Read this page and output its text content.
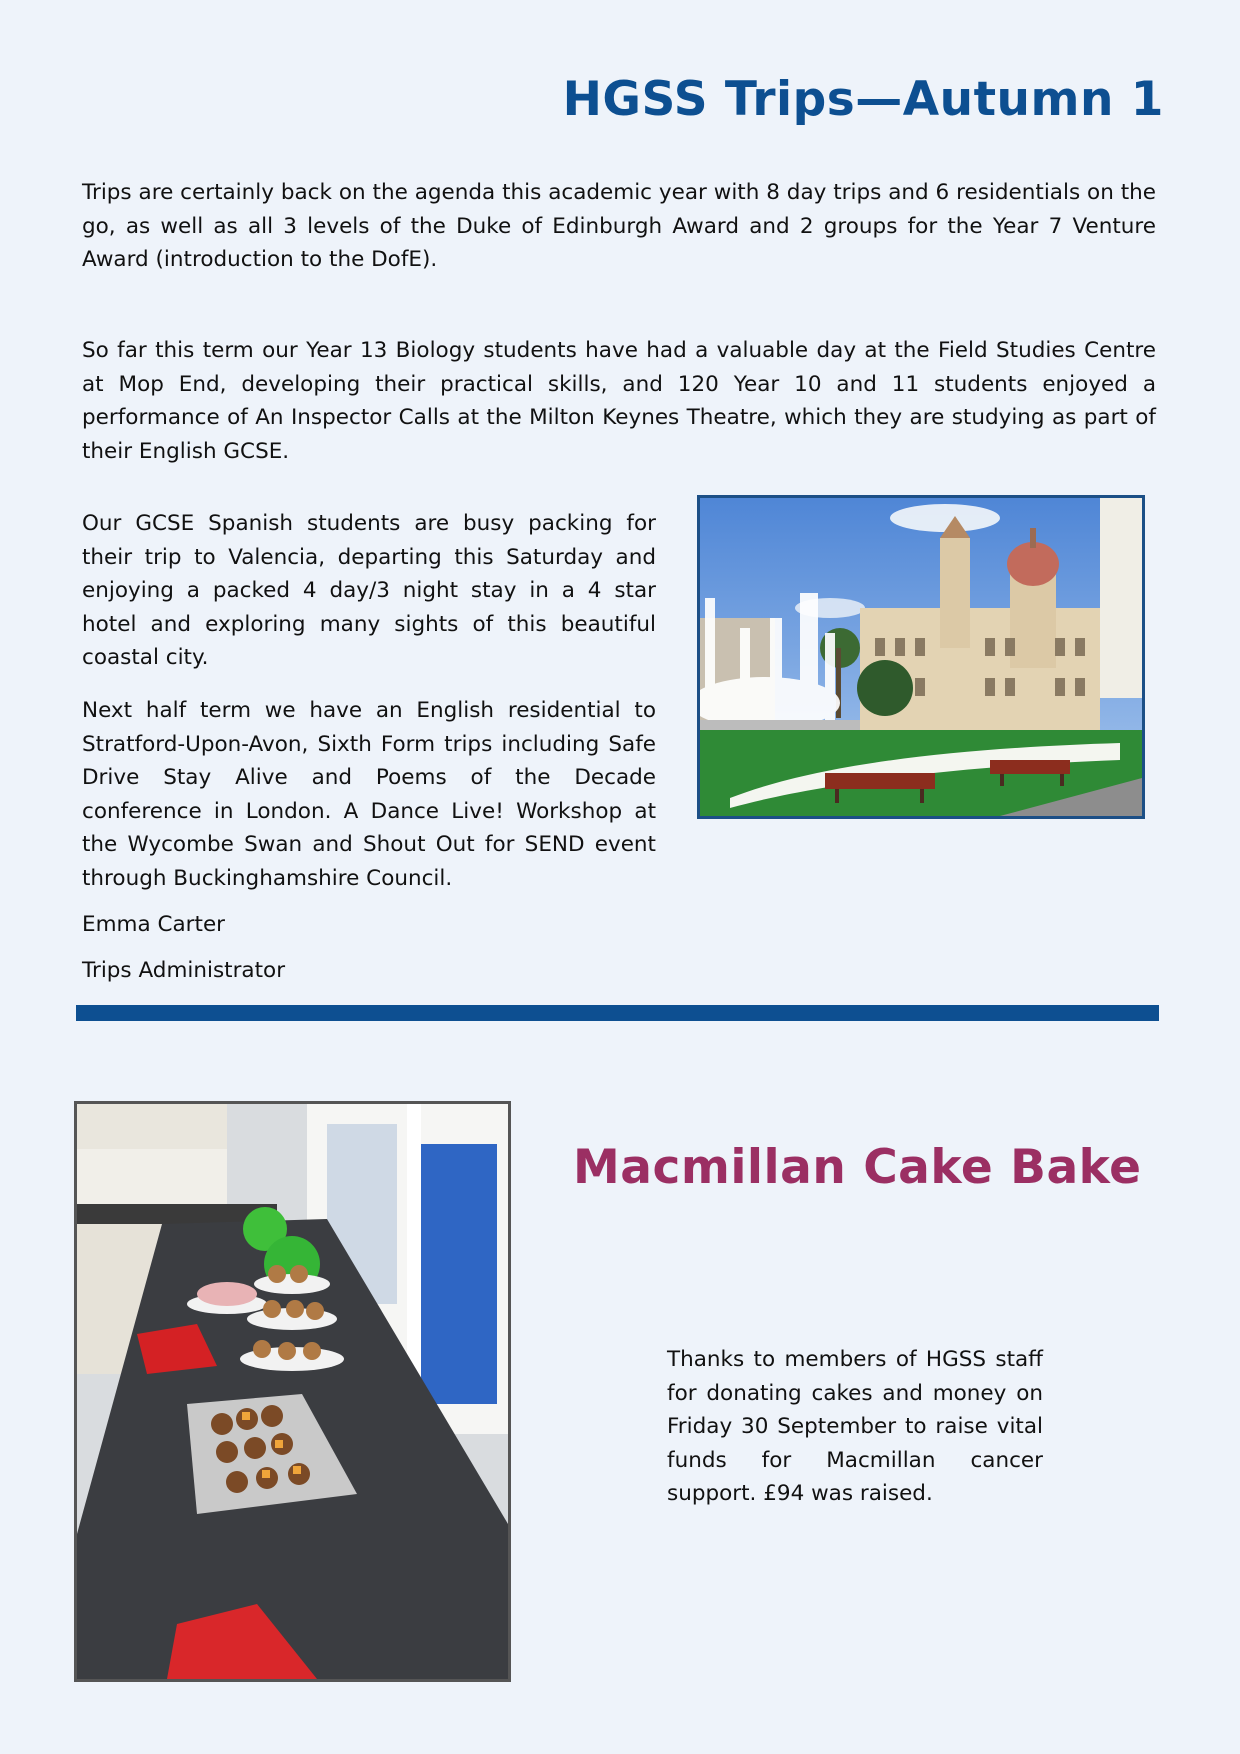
HGSS Trips—Autumn 1

Trips are certainly back on the agenda this academic year with 8 day trips and 6 residentials on the go, as well as all 3 levels of the Duke of Edinburgh Award and 2 groups for the Year 7 Venture Award (introduction to the DofE).

So far this term our Year 13 Biology students have had a valuable day at the Field Studies Centre at Mop End, developing their practical skills, and 120 Year 10 and 11 students enjoyed a performance of An Inspector Calls at the Milton Keynes Theatre, which they are studying as part of their English GCSE.

Our GCSE Spanish students are busy packing for their trip to Valencia, departing this Saturday and enjoying a packed 4 day/3 night stay in a 4 star hotel and exploring many sights of this beautiful coastal city.

Next half term we have an English residential to Stratford-Upon-Avon, Sixth Form trips including Safe Drive Stay Alive and Poems of the Decade conference in London. A Dance Live! Workshop at the Wycombe Swan and Shout Out for SEND event through Buckinghamshire Council.

Emma Carter

Trips Administrator

Macmillan Cake Bake

Thanks to members of HGSS staff for donating cakes and money on Friday 30 September to raise vital funds for Macmillan cancer support. £94 was raised.
